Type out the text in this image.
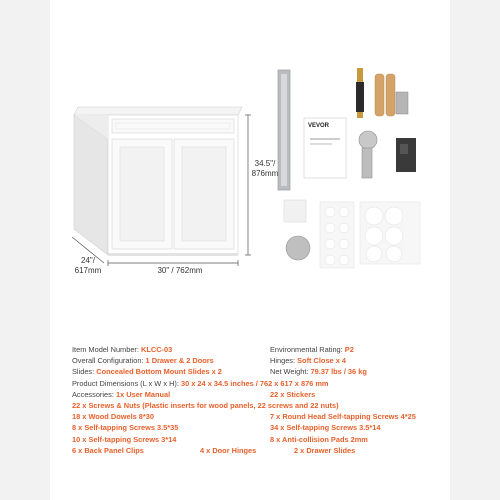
34.5"/
876mm
24"/
617mm	30" / 762mm
VEVOR
Item Model Number: KLCC-03	Environmental Rating: P2
Overall Configuration: 1 Drawer & 2 Doors	Hinges: Soft Close x 4
Slides: Concealed Bottom Mount Slides x 2	Net Weight: 79.37 lbs / 36 kg
Product Dimensions (L x W x H): 30 x 24 x 34.5 inches / 762 x 617 x 876 mm
Accessories: 1x User Manual	22 x Stickers
22 x Screws & Nuts (Plastic inserts for wood panels, 22 screws and 22 nuts)
18 x Wood Dowels 8*30	7 x Round Head Self-tapping Screws 4*25
8 x Self-tapping Screws 3.5*35	34 x Self-tapping Screws 3.5*14
10 x Self-tapping Screws 3*14	8 x Anti-collision Pads 2mm
6 x Back Panel Clips	4 x Door Hinges	2 x Drawer Slides
